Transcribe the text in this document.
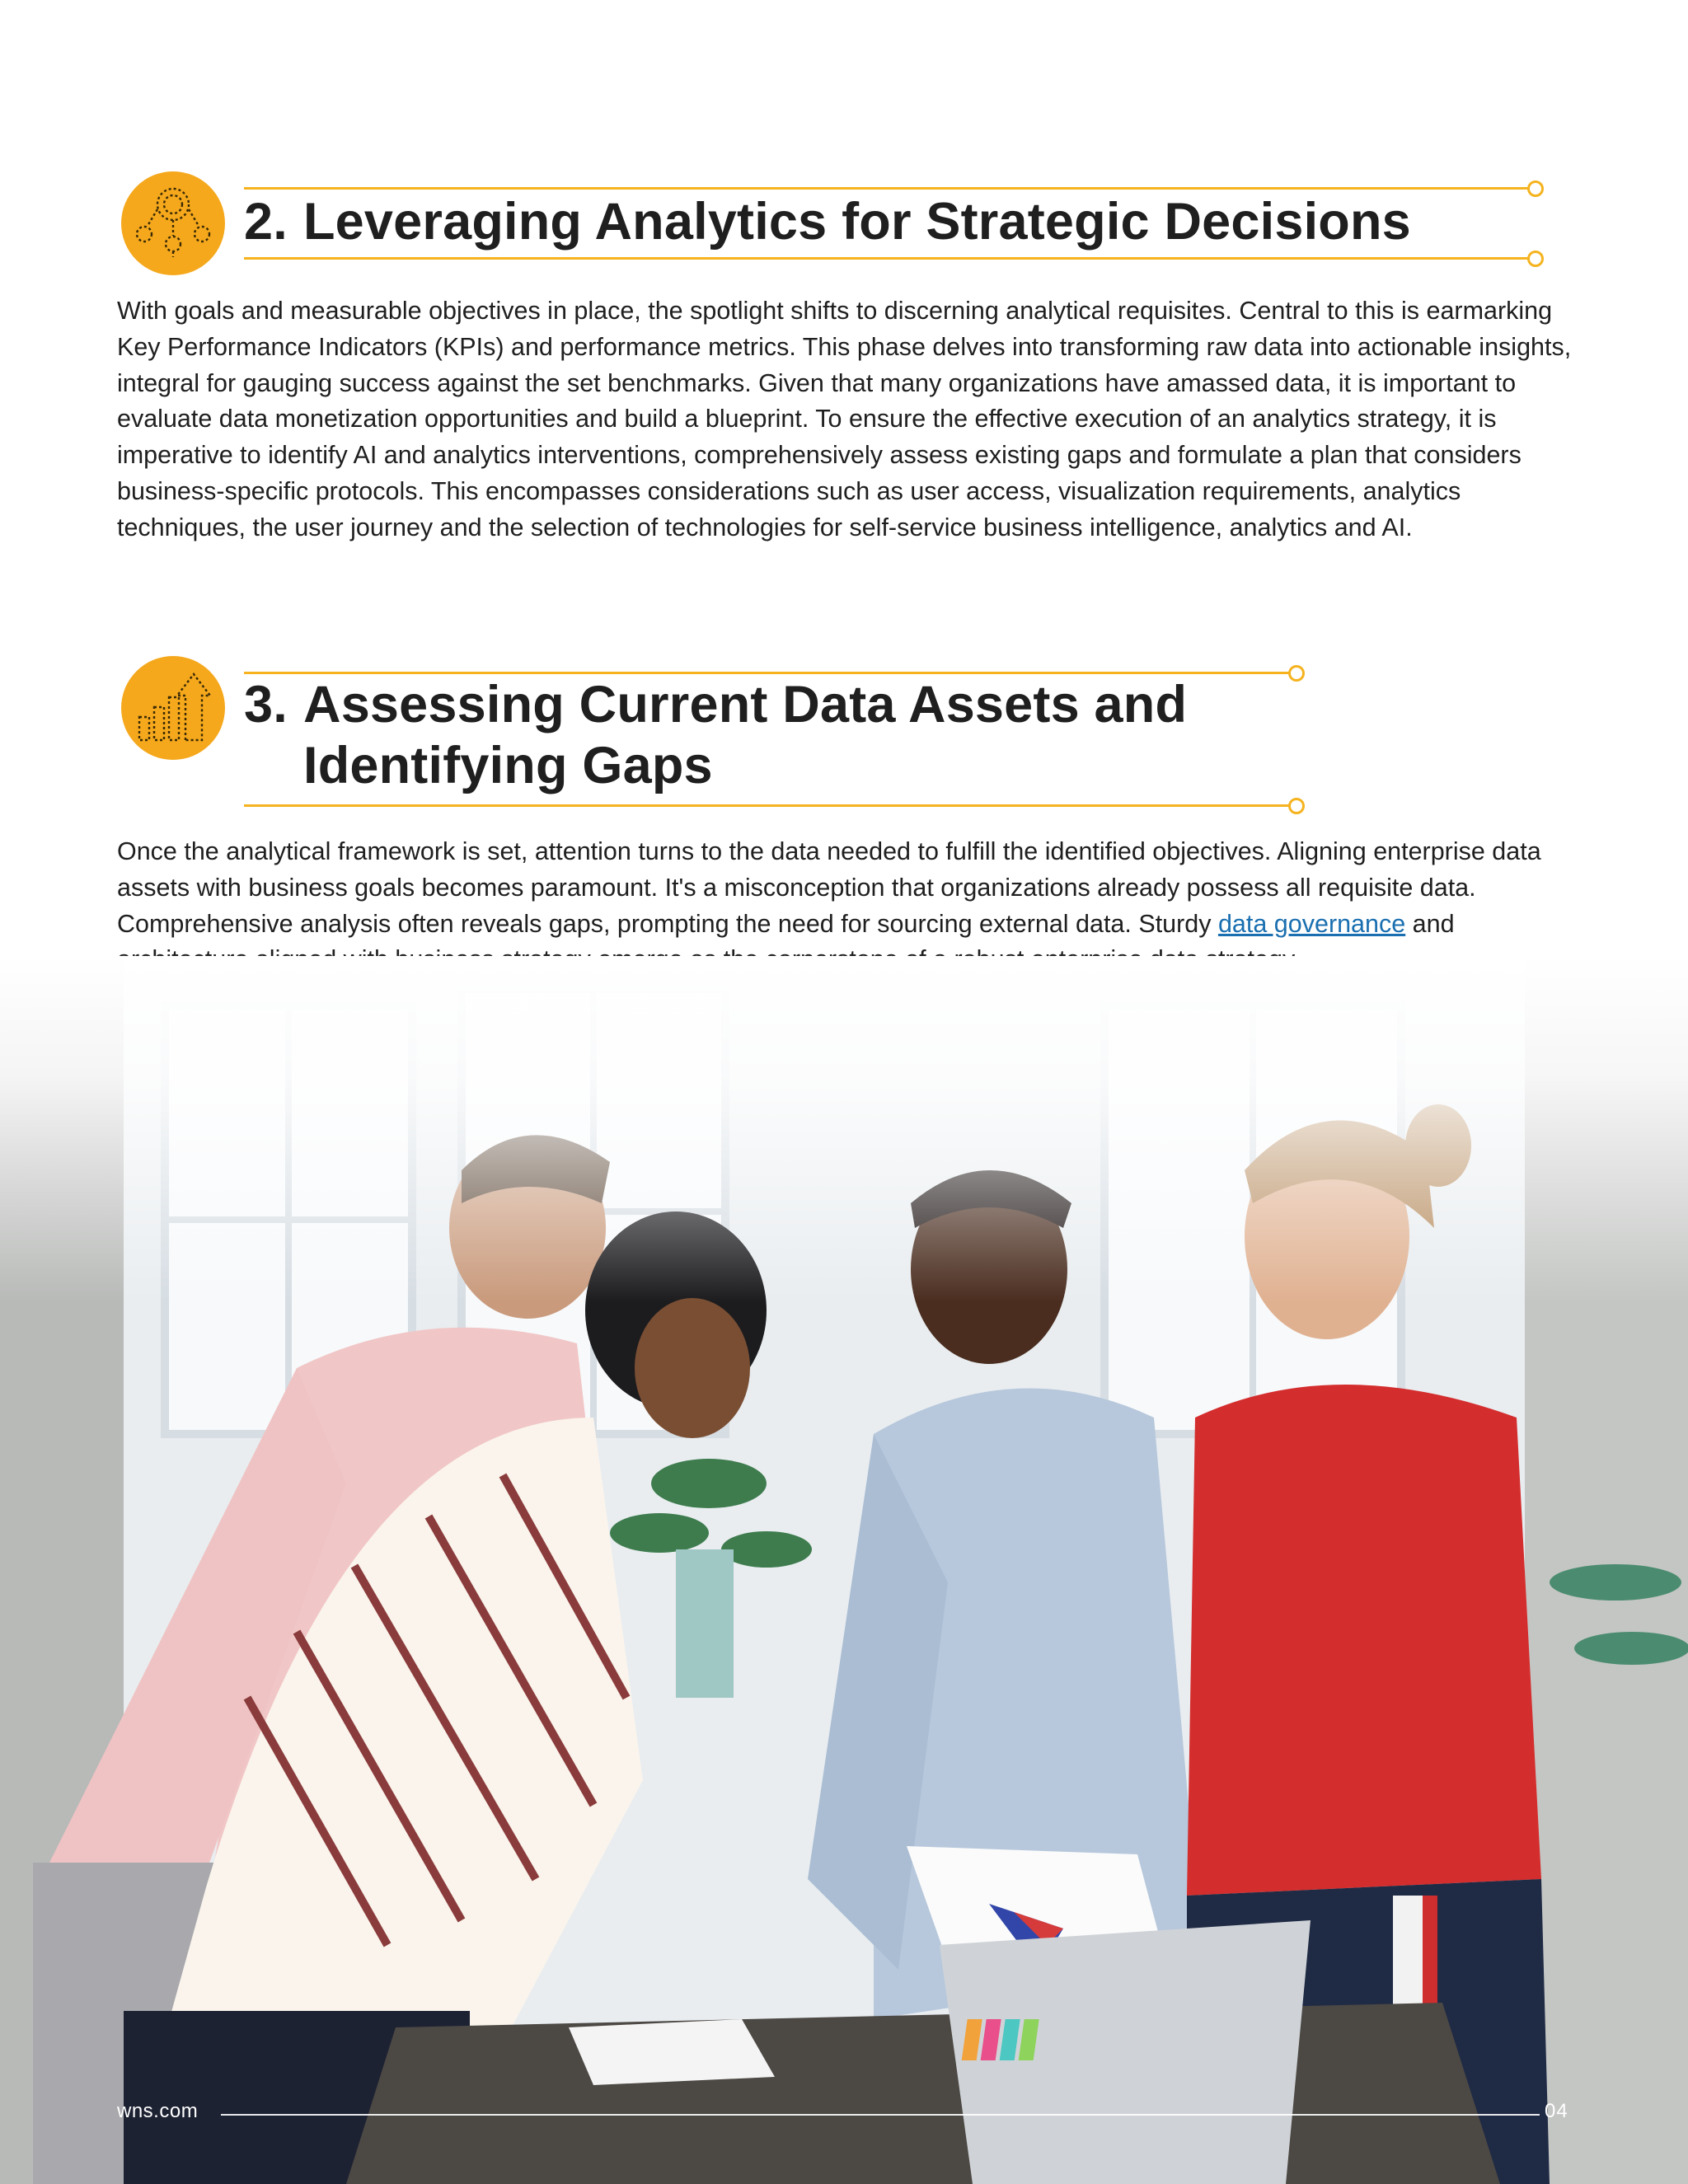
2. Leveraging Analytics for Strategic Decisions

With goals and measurable objectives in place, the spotlight shifts to discerning analytical requisites. Central to this is earmarking Key Performance Indicators (KPIs) and performance metrics. This phase delves into transforming raw data into actionable insights, integral for gauging success against the set benchmarks. Given that many organizations have amassed data, it is important to evaluate data monetization opportunities and build a blueprint. To ensure the effective execution of an analytics strategy, it is imperative to identify AI and analytics interventions, comprehensively assess existing gaps and formulate a plan that considers business-specific protocols. This encompasses considerations such as user access, visualization requirements, analytics techniques, the user journey and the selection of technologies for self-service business intelligence, analytics and AI.

3. Assessing Current Data Assets and
Identifying Gaps

Once the analytical framework is set, attention turns to the data needed to fulfill the identified objectives. Aligning enterprise data assets with business goals becomes paramount. It's a misconception that organizations already possess all requisite data. Comprehensive analysis often reveals gaps, prompting the need for sourcing external data. Sturdy data governance and

wns.com	04
